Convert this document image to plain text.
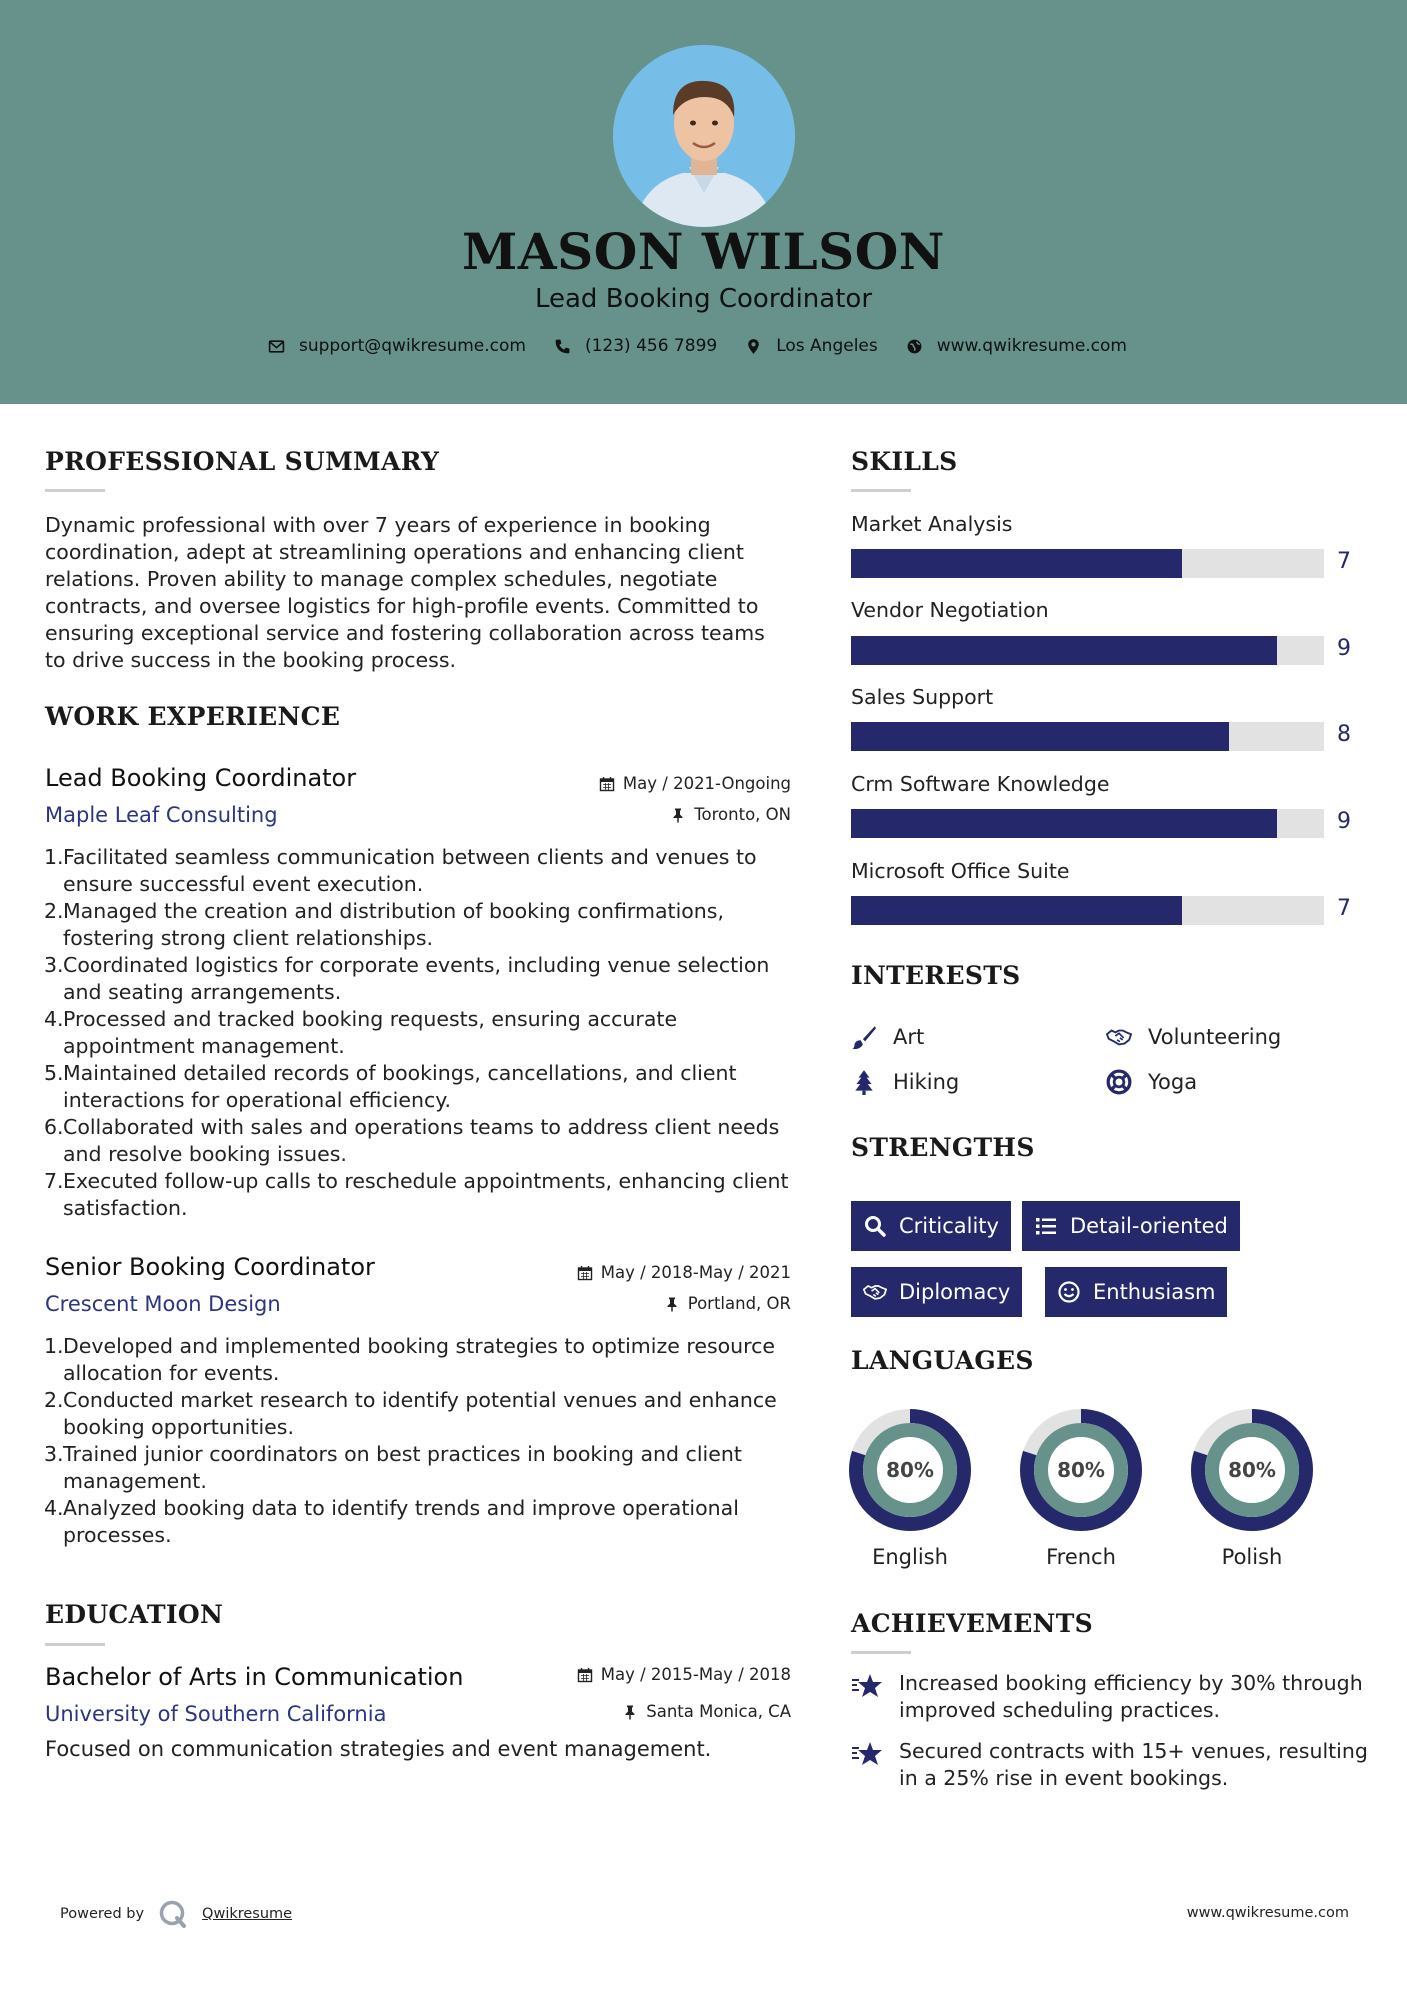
MASON WILSON
Lead Booking Coordinator
support@qwikresume.com	(123) 456 7899	Los Angeles	www.qwikresume.com
PROFESSIONAL SUMMARY
Dynamic professional with over 7 years of experience in booking coordination, adept at streamlining operations and enhancing client relations. Proven ability to manage complex schedules, negotiate contracts, and oversee logistics for high-profile events. Committed to ensuring exceptional service and fostering collaboration across teams to drive success in the booking process.
WORK EXPERIENCE
Lead Booking Coordinator
Maple Leaf Consulting
May / 2021-Ongoing
Toronto, ON
1. Facilitated seamless communication between clients and venues to ensure successful event execution.
2. Managed the creation and distribution of booking confirmations, fostering strong client relationships.
3. Coordinated logistics for corporate events, including venue selection and seating arrangements.
4. Processed and tracked booking requests, ensuring accurate appointment management.
5. Maintained detailed records of bookings, cancellations, and client interactions for operational efficiency.
6. Collaborated with sales and operations teams to address client needs and resolve booking issues.
7. Executed follow-up calls to reschedule appointments, enhancing client satisfaction.
Senior Booking Coordinator
Crescent Moon Design
May / 2018-May / 2021
Portland, OR
1. Developed and implemented booking strategies to optimize resource allocation for events.
2. Conducted market research to identify potential venues and enhance booking opportunities.
3. Trained junior coordinators on best practices in booking and client management.
4. Analyzed booking data to identify trends and improve operational processes.
EDUCATION
Bachelor of Arts in Communication
University of Southern California
May / 2015-May / 2018
Santa Monica, CA
Focused on communication strategies and event management.
SKILLS
Market Analysis
7
Vendor Negotiation
9
Sales Support
8
Crm Software Knowledge
9
Microsoft Office Suite
7
INTERESTS
Art	Volunteering
Hiking	Yoga
STRENGTHS
Criticality	Detail-oriented
Diplomacy	Enthusiasm
LANGUAGES
80%
English
80%
French
80%
Polish
ACHIEVEMENTS
Increased booking efficiency by 30% through improved scheduling practices.
Secured contracts with 15+ venues, resulting in a 25% rise in event bookings.
Powered by	Qwikresume	www.qwikresume.com
